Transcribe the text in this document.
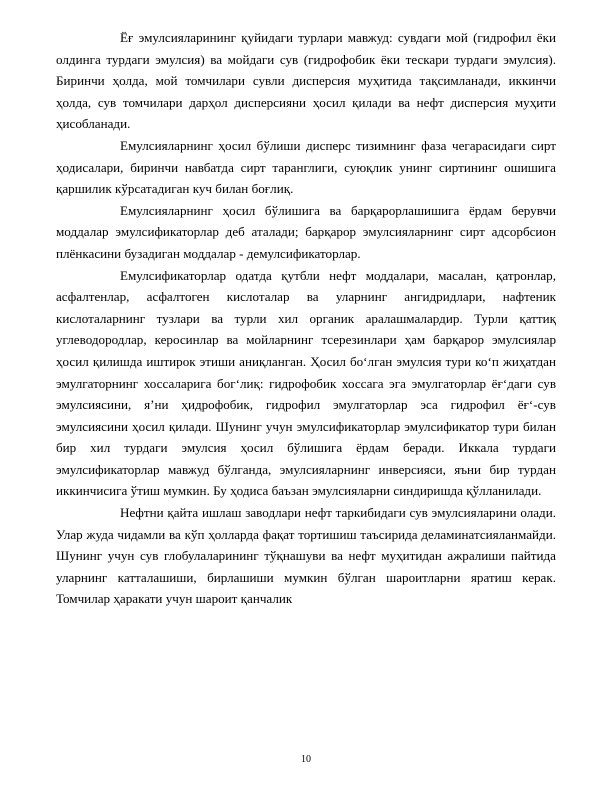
Ёғ эмулсияларининг қуйидаги турлари мавжуд: сувдаги мой (гидрофил ёки олдинга турдаги эмулсия) ва мойдаги сув (гидрофобик ёки тескари турдаги эмулсия). Биринчи ҳолда, мой томчилари сувли дисперсия муҳитида тақсимланади, иккинчи ҳолда, сув томчилари дарҳол дисперсияни ҳосил қилади ва нефт дисперсия муҳити ҳисобланади.

Емулсияларнинг ҳосил бўлиши дисперс тизимнинг фаза чегарасидаги сирт ҳодисалари, биринчи навбатда сирт таранглиги, суюқлик унинг сиртининг ошишига қаршилик кўрсатадиган куч билан боғлиқ.

Емулсияларнинг ҳосил бўлишига ва барқарорлашишига ёрдам берувчи моддалар эмулсификаторлар деб аталади; барқарор эмулсияларнинг сирт адсорбсион плёнкасини бузадиган моддалар - демулсификаторлар.

Емулсификаторлар одатда қутбли нефт моддалари, масалан, қатронлар, асфалтенлар, асфалтоген кислоталар ва уларнинг ангидридлари, нафтеник кислоталарнинг тузлари ва турли хил органик аралашмалардир. Турли қаттиқ углеводородлар, керосинлар ва мойларнинг тсерезинлари ҳам барқарор эмулсиялар ҳосил қилишда иштирок этиши аниқланган. Ҳосил бoʻлган эмулсия тури коʻп жиҳатдан эмулгаторнинг хоссаларига богʻлиқ: гидрофобик хоссага эга эмулгаторлар ёғʻдаги сув эмулсиясини, яʼни ҳидрофобик, гидрофил эмулгаторлар эса гидрофил ёғʻ-сув эмулсиясини ҳосил қилади. Шунинг учун эмулсификаторлар эмулсификатор тури билан бир хил турдаги эмулсия ҳосил бўлишига ёрдам беради. Иккала турдаги эмулсификаторлар мавжуд бўлганда, эмулсияларнинг инверсияси, яъни бир турдан иккинчисига ўтиш мумкин. Бу ҳодиса баъзан эмулсияларни синдиришда қўлланилади.

Нефтни қайта ишлаш заводлари нефт таркибидаги сув эмулсияларини олади. Улар жуда чидамли ва кўп ҳолларда фақат тортишиш таъсирида деламинатсияланмайди. Шунинг учун сув глобулаларининг тўқнашуви ва нефт муҳитидан ажралиши пайтида уларнинг катталашиши, бирлашиши мумкин бўлган шароитларни яратиш керак. Томчилар ҳаракати учун шароит қанчалик

10
